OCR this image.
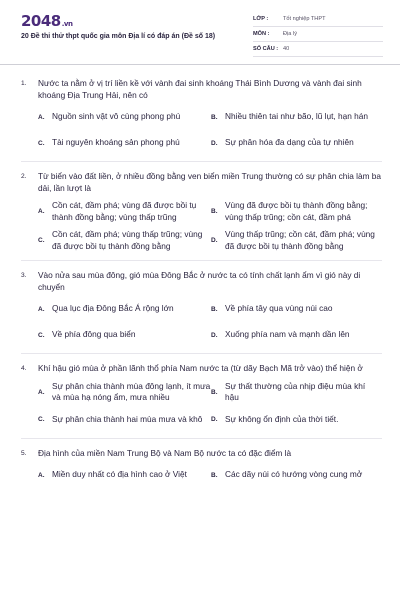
2048.vn
20 Đề thi thử thpt quốc gia môn Địa lí có đáp án (Đề số 18)
LỚP :	Tốt nghiệp THPT
MÔN :	Địa lý
SỐ CÂU : 40
1.	Nước ta nằm ở vị trí liền kề với vành đai sinh khoáng Thái Bình Dương và vành đai sinh khoáng Địa Trung Hải, nên có
A. Nguồn sinh vật vô cùng phong phú	B. Nhiều thiên tai như bão, lũ lụt, hạn hán
C. Tài nguyên khoáng sản phong phú	D. Sự phân hóa đa dạng của tự nhiên
2.	Từ biển vào đất liền, ở nhiều đồng bằng ven biển miền Trung thường có sự phân chia làm ba dải, lần lượt là
A.
Cồn cát, đầm phá; vùng đã được bồi tụ thành đồng bằng; vùng thấp trũng	B.
Vùng đã được bồi tụ thành đồng bằng; vùng thấp trũng; cồn cát, đầm phá
C.
Cồn cát, đầm phá; vùng thấp trũng; vùng đã được bồi tụ thành đồng bằng	D.
Vùng thấp trũng; cồn cát, đầm phá; vùng đã được bồi tụ thành đồng bằng
3.	Vào nửa sau mùa đông, gió mùa Đông Bắc ở nước ta có tính chất lạnh ẩm vì gió này di chuyển
A. Qua lục địa Đông Bắc Á rộng lớn	B. Về phía tây qua vùng núi cao
C. Về phía đông qua biển	D. Xuống phía nam và mạnh dần lên
4.	Khí hậu gió mùa ở phần lãnh thổ phía Nam nước ta (từ dãy Bạch Mã trở vào) thể hiện ở
A.
Sự phân chia thành mùa đông lạnh, ít mưa và mùa hạ nóng ẩm, mưa nhiều	B.
Sự thất thường của nhịp điệu mùa khí hậu
C. Sự phân chia thành hai mùa mưa và khô D. Sự không ổn định của thời tiết.
5.	Địa hình của miền Nam Trung Bộ và Nam Bộ nước ta có đặc điểm là
A. Miền duy nhất có địa hình cao ở Việt	B. Các dãy núi có hướng vòng cung mở
